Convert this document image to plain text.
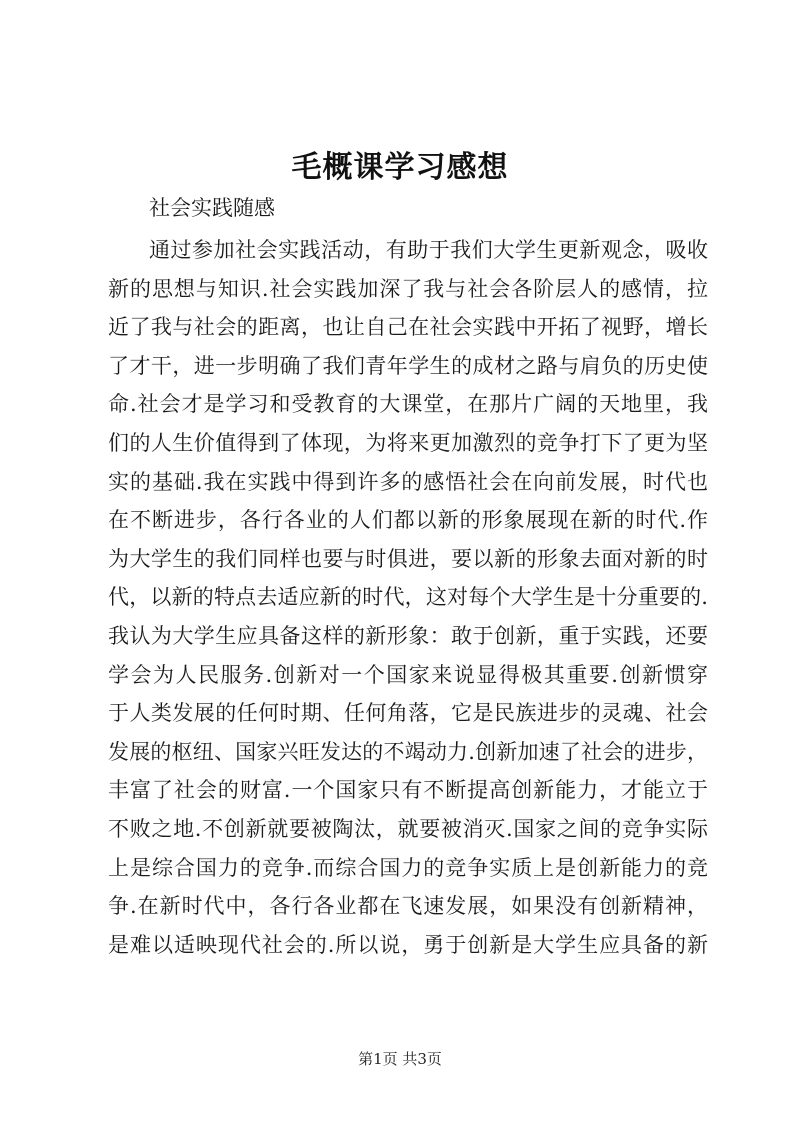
毛概课学习感想
社会实践随感
通过参加社会实践活动，有助于我们大学生更新观念，吸收
新的思想与知识.社会实践加深了我与社会各阶层人的感情，拉
近了我与社会的距离，也让自己在社会实践中开拓了视野，增长
了才干，进一步明确了我们青年学生的成材之路与肩负的历史使
命.社会才是学习和受教育的大课堂，在那片广阔的天地里，我
们的人生价值得到了体现，为将来更加激烈的竞争打下了更为坚
实的基础.我在实践中得到许多的感悟社会在向前发展，时代也
在不断进步，各行各业的人们都以新的形象展现在新的时代.作
为大学生的我们同样也要与时俱进，要以新的形象去面对新的时
代，以新的特点去适应新的时代，这对每个大学生是十分重要的.
我认为大学生应具备这样的新形象：敢于创新，重于实践，还要
学会为人民服务.创新对一个国家来说显得极其重要.创新惯穿
于人类发展的任何时期、任何角落，它是民族进步的灵魂、社会
发展的枢纽、国家兴旺发达的不竭动力.创新加速了社会的进步，
丰富了社会的财富.一个国家只有不断提高创新能力，才能立于
不败之地.不创新就要被陶汰，就要被消灭.国家之间的竞争实际
上是综合国力的竞争.而综合国力的竞争实质上是创新能力的竞
争.在新时代中，各行各业都在飞速发展，如果没有创新精神，
是难以适映现代社会的.所以说，勇于创新是大学生应具备的新
第1页 共3页
